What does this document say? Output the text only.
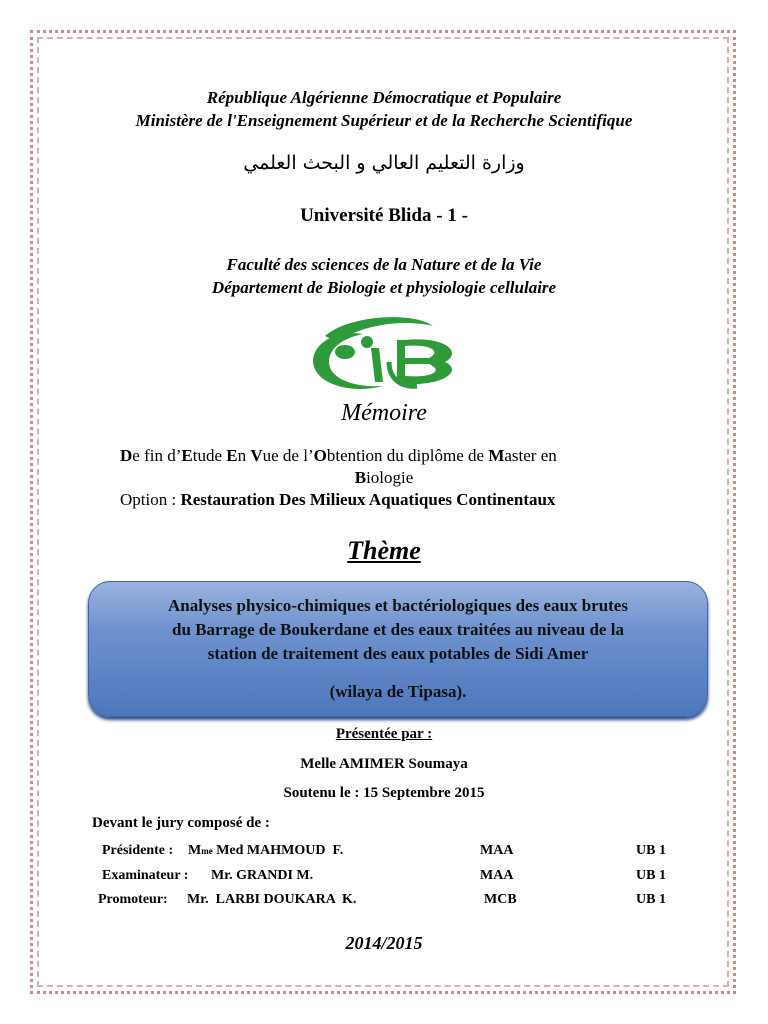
République Algérienne Démocratique et Populaire
Ministère de l'Enseignement Supérieur et de la Recherche Scientifique
وزارة التعليم العالي و البحث العلمي
Université Blida - 1 -
Faculté des sciences de la Nature et de la Vie
Département de Biologie et physiologie cellulaire
Mémoire
De fin d’Etude En Vue de l’Obtention du diplôme de Master en
Biologie
Option : Restauration Des Milieux Aquatiques Continentaux
Thème
Analyses physico-chimiques et bactériologiques des eaux brutes
du Barrage de Boukerdane et des eaux traitées au niveau de la
station de traitement des eaux potables de Sidi Amer
(wilaya de Tipasa).
Présentée par :
Melle AMIMER Soumaya
Soutenu le : 15 Septembre 2015
Devant le jury composé de :
Présidente : Mme Med MAHMOUD  F.	MAA	UB 1
Examinateur : Mr. GRANDI M.	MAA	UB 1
Promoteur: Mr.  LARBI DOUKARA  K.	MCB	UB 1
2014/2015
